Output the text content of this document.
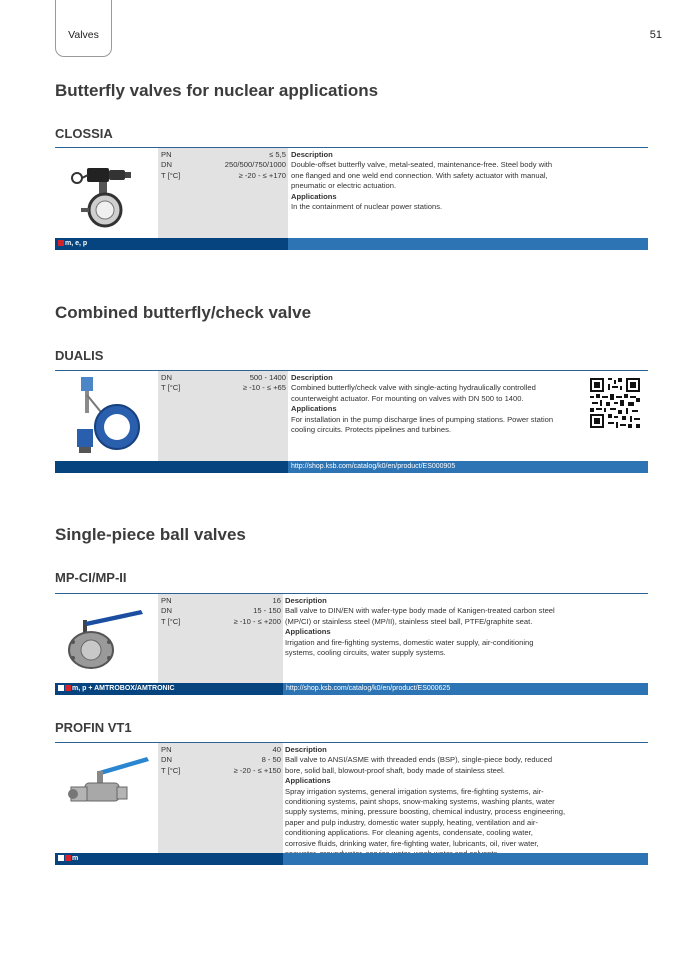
Valves	51
Butterfly valves for nuclear applications
CLOSSIA
PN	≤ 5,5
DN	250/500/750/1000
T [°C]	≥ -20 - ≤ +170
Description

Double-offset butterfly valve, metal-seated, maintenance-free. Steel body with

one flanged and one weld end connection. With safety actuator with manual,

pneumatic or electric actuation.

Applications

In the containment of nuclear power stations.

m, e, p
Combined butterfly/check valve
DUALIS
DN	500 - 1400
T [°C]	≥ -10 - ≤ +65
Description

Combined butterfly/check valve with single-acting hydraulically controlled

counterweight actuator. For mounting on valves with DN 500 to 1400.

Applications

For installation in the pump discharge lines of pumping stations. Power station

cooling circuits. Protects pipelines and turbines.

http://shop.ksb.com/catalog/k0/en/product/ES000905
Single-piece ball valves
MP-CI/MP-II
PN	16
DN	15 - 150
T [°C]	≥ -10 - ≤ +200
Description

Ball valve to DIN/EN with wafer-type body made of Kanigen-treated carbon steel

(MP/CI) or stainless steel (MP/II), stainless steel ball, PTFE/graphite seat.

Applications

Irrigation and fire-fighting systems, domestic water supply, air-conditioning

systems, cooling circuits, water supply systems.

m, p + AMTROBOX/AMTRONIC	http://shop.ksb.com/catalog/k0/en/product/ES000625
PROFIN VT1
PN	40
DN	8 - 50
T [°C]	≥ -20 - ≤ +150
Description

Ball valve to ANSI/ASME with threaded ends (BSP), single-piece body, reduced

bore, solid ball, blowout-proof shaft, body made of stainless steel.

Applications

Spray irrigation systems, general irrigation systems, fire-fighting systems, air-

conditioning systems, paint shops, snow-making systems, washing plants, water

supply systems, mining, pressure boosting, chemical industry, process engineering,

paper and pulp industry, domestic water supply, heating, ventilation and air-

conditioning applications. For cleaning agents, condensate, cooling water,

corrosive fluids, drinking water, fire-fighting water, lubricants, oil, river water,

m
